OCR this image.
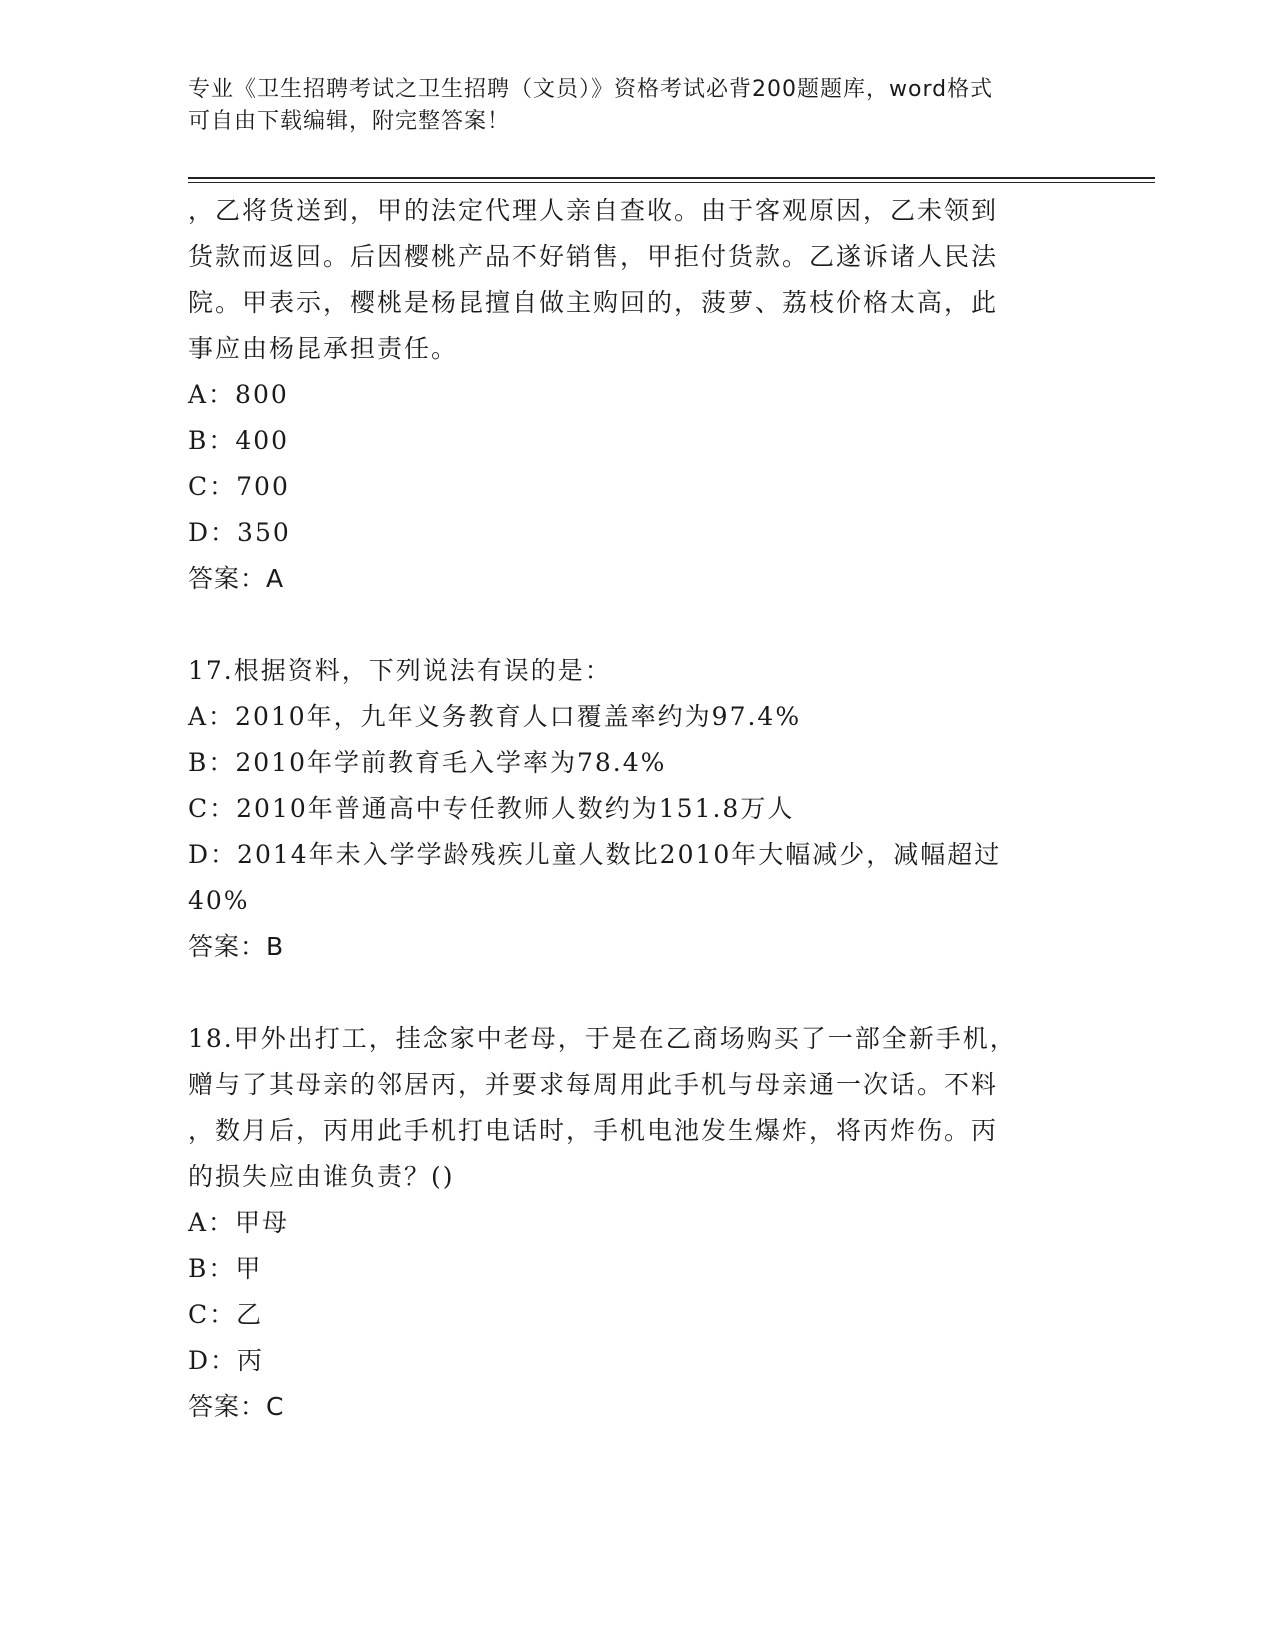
专业《卫生招聘考试之卫生招聘（文员）》资格考试必背200题题库，word格式
可自由下载编辑，附完整答案！

，乙将货送到，甲的法定代理人亲自查收。由于客观原因，乙未领到

货款而返回。后因樱桃产品不好销售，甲拒付货款。乙遂诉诸人民法

院。甲表示，樱桃是杨昆擅自做主购回的，菠萝、荔枝价格太高，此

事应由杨昆承担责任。

A：800

B：400

C：700

D：350

答案：A

17.根据资料，下列说法有误的是：

A：2010年，九年义务教育人口覆盖率约为97.4%

B：2010年学前教育毛入学率为78.4%

C：2010年普通高中专任教师人数约为151.8万人

D：2014年未入学学龄残疾儿童人数比2010年大幅减少，减幅超过

40%

答案：B

18.甲外出打工，挂念家中老母，于是在乙商场购买了一部全新手机，

赠与了其母亲的邻居丙，并要求每周用此手机与母亲通一次话。不料

，数月后，丙用此手机打电话时，手机电池发生爆炸，将丙炸伤。丙

的损失应由谁负责？()

A：甲母

B：甲

C：乙

D：丙

答案：C
